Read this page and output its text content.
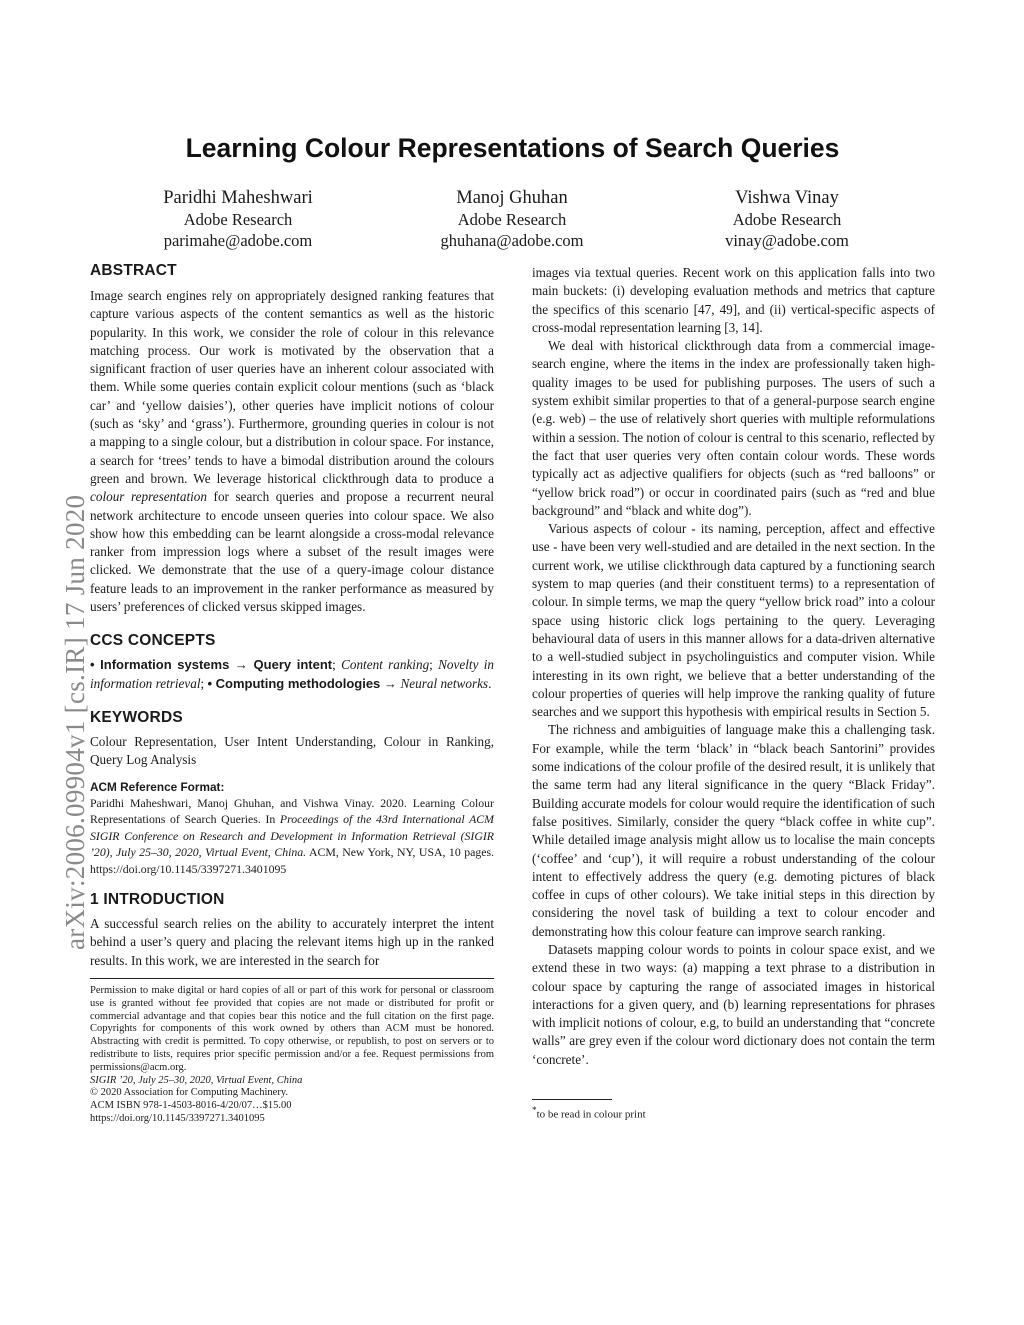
arXiv:2006.09904v1 [cs.IR] 17 Jun 2020
Learning Colour Representations of Search Queries
Paridhi Maheshwari
Adobe Research
parimahe@adobe.com
Manoj Ghuhan
Adobe Research
ghuhana@adobe.com
Vishwa Vinay
Adobe Research
vinay@adobe.com
ABSTRACT

Image search engines rely on appropriately designed ranking features that capture various aspects of the content semantics as well as the historic popularity. In this work, we consider the role of colour in this relevance matching process. Our work is motivated by the observation that a significant fraction of user queries have an inherent colour associated with them. While some queries contain explicit colour mentions (such as ‘black car’ and ‘yellow daisies’), other queries have implicit notions of colour (such as ‘sky’ and ‘grass’). Furthermore, grounding queries in colour is not a mapping to a single colour, but a distribution in colour space. For instance, a search for ‘trees’ tends to have a bimodal distribution around the colours green and brown. We leverage historical clickthrough data to produce a colour representation for search queries and propose a recurrent neural network architecture to encode unseen queries into colour space. We also show how this embedding can be learnt alongside a cross-modal relevance ranker from impression logs where a subset of the result images were clicked. We demonstrate that the use of a query-image colour distance feature leads to an improvement in the ranker performance as measured by users’ preferences of clicked versus skipped images.

CCS CONCEPTS

• Information systems → Query intent; Content ranking; Novelty in information retrieval; • Computing methodologies → Neural networks.

KEYWORDS

Colour Representation, User Intent Understanding, Colour in Ranking, Query Log Analysis

ACM Reference Format:

Paridhi Maheshwari, Manoj Ghuhan, and Vishwa Vinay. 2020. Learning Colour Representations of Search Queries. In Proceedings of the 43rd International ACM SIGIR Conference on Research and Development in Information Retrieval (SIGIR ’20), July 25–30, 2020, Virtual Event, China. ACM, New York, NY, USA, 10 pages. https://doi.org/10.1145/3397271.3401095

1 INTRODUCTION

A successful search relies on the ability to accurately interpret the intent behind a user’s query and placing the relevant items high up in the ranked results. In this work, we are interested in the search for

Permission to make digital or hard copies of all or part of this work for personal or classroom use is granted without fee provided that copies are not made or distributed for profit or commercial advantage and that copies bear this notice and the full citation on the first page. Copyrights for components of this work owned by others than ACM must be honored. Abstracting with credit is permitted. To copy otherwise, or republish, to post on servers or to redistribute to lists, requires prior specific permission and/or a fee. Request permissions from permissions@acm.org.
SIGIR ’20, July 25–30, 2020, Virtual Event, China
© 2020 Association for Computing Machinery.
ACM ISBN 978-1-4503-8016-4/20/07…$15.00
https://doi.org/10.1145/3397271.3401095

images via textual queries. Recent work on this application falls into two main buckets: (i) developing evaluation methods and metrics that capture the specifics of this scenario [47, 49], and (ii) vertical-specific aspects of cross-modal representation learning [3, 14].

We deal with historical clickthrough data from a commercial image-search engine, where the items in the index are professionally taken high-quality images to be used for publishing purposes. The users of such a system exhibit similar properties to that of a general-purpose search engine (e.g. web) – the use of relatively short queries with multiple reformulations within a session. The notion of colour is central to this scenario, reflected by the fact that user queries very often contain colour words. These words typically act as adjective qualifiers for objects (such as “red balloons” or “yellow brick road”) or occur in coordinated pairs (such as “red and blue background” and “black and white dog”).

Various aspects of colour - its naming, perception, affect and effective use - have been very well-studied and are detailed in the next section. In the current work, we utilise clickthrough data captured by a functioning search system to map queries (and their constituent terms) to a representation of colour. In simple terms, we map the query “yellow brick road” into a colour space using historic click logs pertaining to the query. Leveraging behavioural data of users in this manner allows for a data-driven alternative to a well-studied subject in psycholinguistics and computer vision. While interesting in its own right, we believe that a better understanding of the colour properties of queries will help improve the ranking quality of future searches and we support this hypothesis with empirical results in Section 5.

The richness and ambiguities of language make this a challenging task. For example, while the term ‘black’ in “black beach Santorini” provides some indications of the colour profile of the desired result, it is unlikely that the same term had any literal significance in the query “Black Friday”. Building accurate models for colour would require the identification of such false positives. Similarly, consider the query “black coffee in white cup”. While detailed image analysis might allow us to localise the main concepts (‘coffee’ and ‘cup’), it will require a robust understanding of the colour intent to effectively address the query (e.g. demoting pictures of black coffee in cups of other colours). We take initial steps in this direction by considering the novel task of building a text to colour encoder and demonstrating how this colour feature can improve search ranking.

Datasets mapping colour words to points in colour space exist, and we extend these in two ways: (a) mapping a text phrase to a distribution in colour space by capturing the range of associated images in historical interactions for a given query, and (b) learning representations for phrases with implicit notions of colour, e.g, to build an understanding that “concrete walls” are grey even if the colour word dictionary does not contain the term ‘concrete’.

*to be read in colour print
